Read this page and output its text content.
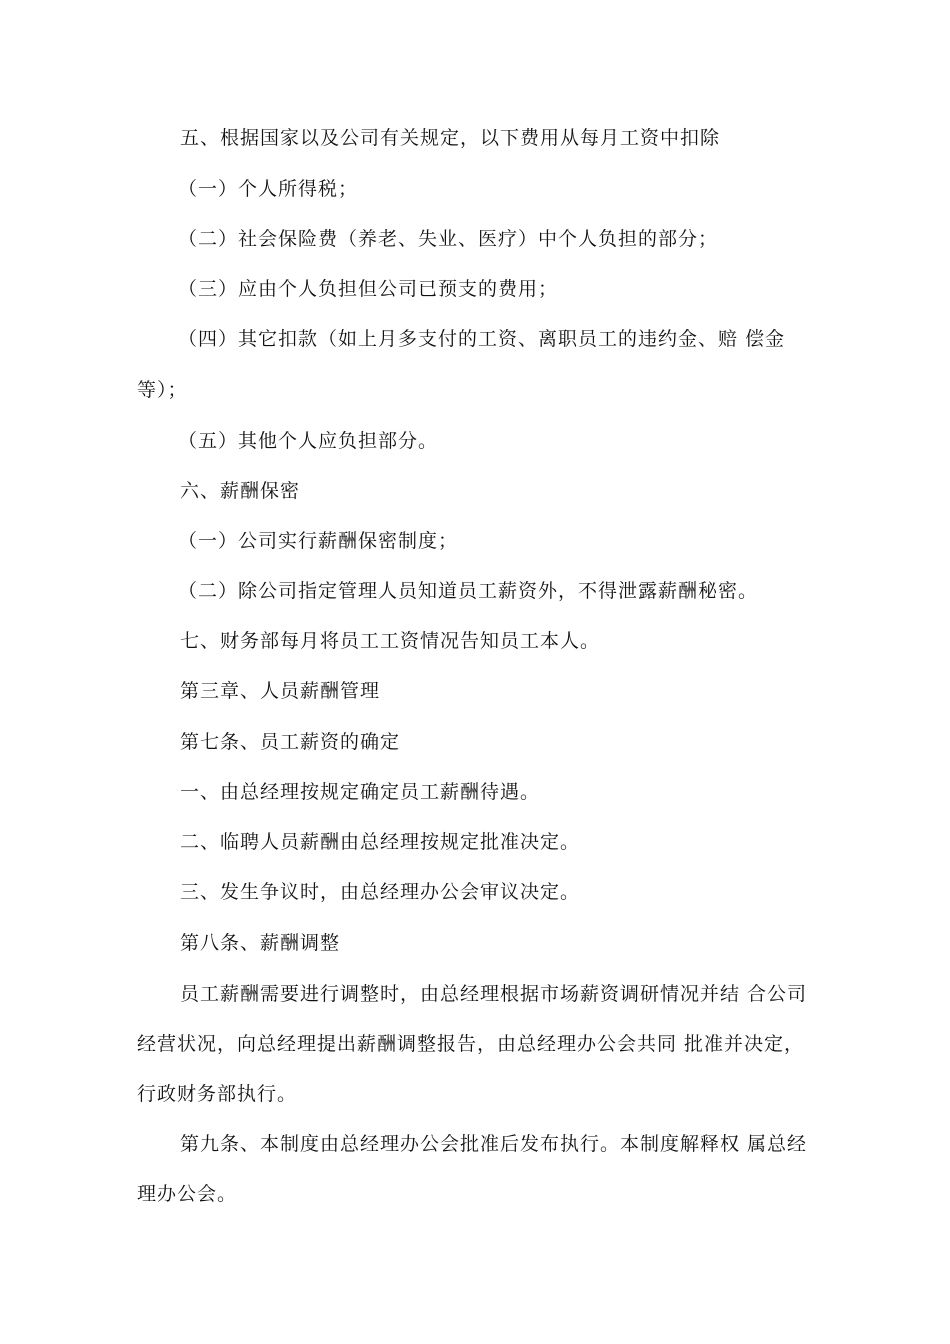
五、根据国家以及公司有关规定，以下费用从每月工资中扣除
（一）个人所得税；
（二）社会保险费（养老、失业、医疗）中个人负担的部分；
（三）应由个人负担但公司已预支的费用；
（四）其它扣款（如上月多支付的工资、离职员工的违约金、赔 偿金
等）；
（五）其他个人应负担部分。
六、薪酬保密
（一）公司实行薪酬保密制度；
（二）除公司指定管理人员知道员工薪资外，不得泄露薪酬秘密。
七、财务部每月将员工工资情况告知员工本人。
第三章、人员薪酬管理
第七条、员工薪资的确定
一、由总经理按规定确定员工薪酬待遇。
二、临聘人员薪酬由总经理按规定批准决定。
三、发生争议时，由总经理办公会审议决定。
第八条、薪酬调整
员工薪酬需要进行调整时，由总经理根据市场薪资调研情况并结 合公司
经营状况，向总经理提出薪酬调整报告，由总经理办公会共同 批准并决定，
行政财务部执行。
第九条、本制度由总经理办公会批准后发布执行。本制度解释权 属总经
理办公会。
